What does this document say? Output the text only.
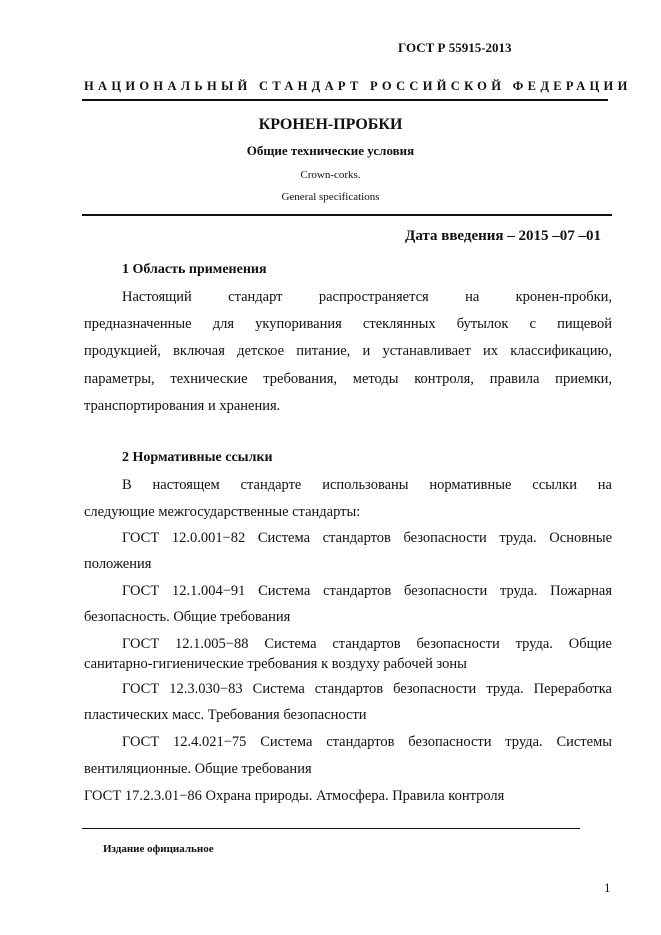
ГОСТ Р 55915-2013
НАЦИОНАЛЬНЫЙ СТАНДАРТ РОССИЙСКОЙ ФЕДЕРАЦИИ
КРОНЕН-ПРОБКИ
Общие технические условия
Crown-corks.
General specifications
Дата введения – 2015 –07 –01
1 Область применения
Настоящий стандарт распространяется на кронен-пробки,
предназначенные для укупоривания стеклянных бутылок с пищевой
продукцией, включая детское питание, и устанавливает их классификацию,
параметры, технические требования, методы контроля, правила приемки,
транспортирования и хранения.
2 Нормативные ссылки
В настоящем стандарте использованы нормативные ссылки на
следующие межгосударственные стандарты:
ГОСТ 12.0.001−82 Система стандартов безопасности труда. Основные
положения
ГОСТ 12.1.004−91 Система стандартов безопасности труда. Пожарная
безопасность. Общие требования
ГОСТ 12.1.005−88 Система стандартов безопасности труда. Общие
санитарно-гигиенические требования к воздуху рабочей зоны
ГОСТ 12.3.030−83 Система стандартов безопасности труда. Переработка
пластических масс. Требования безопасности
ГОСТ 12.4.021−75 Система стандартов безопасности труда. Системы
вентиляционные. Общие требования
ГОСТ 17.2.3.01−86 Охрана природы. Атмосфера. Правила контроля
Издание официальное
1
